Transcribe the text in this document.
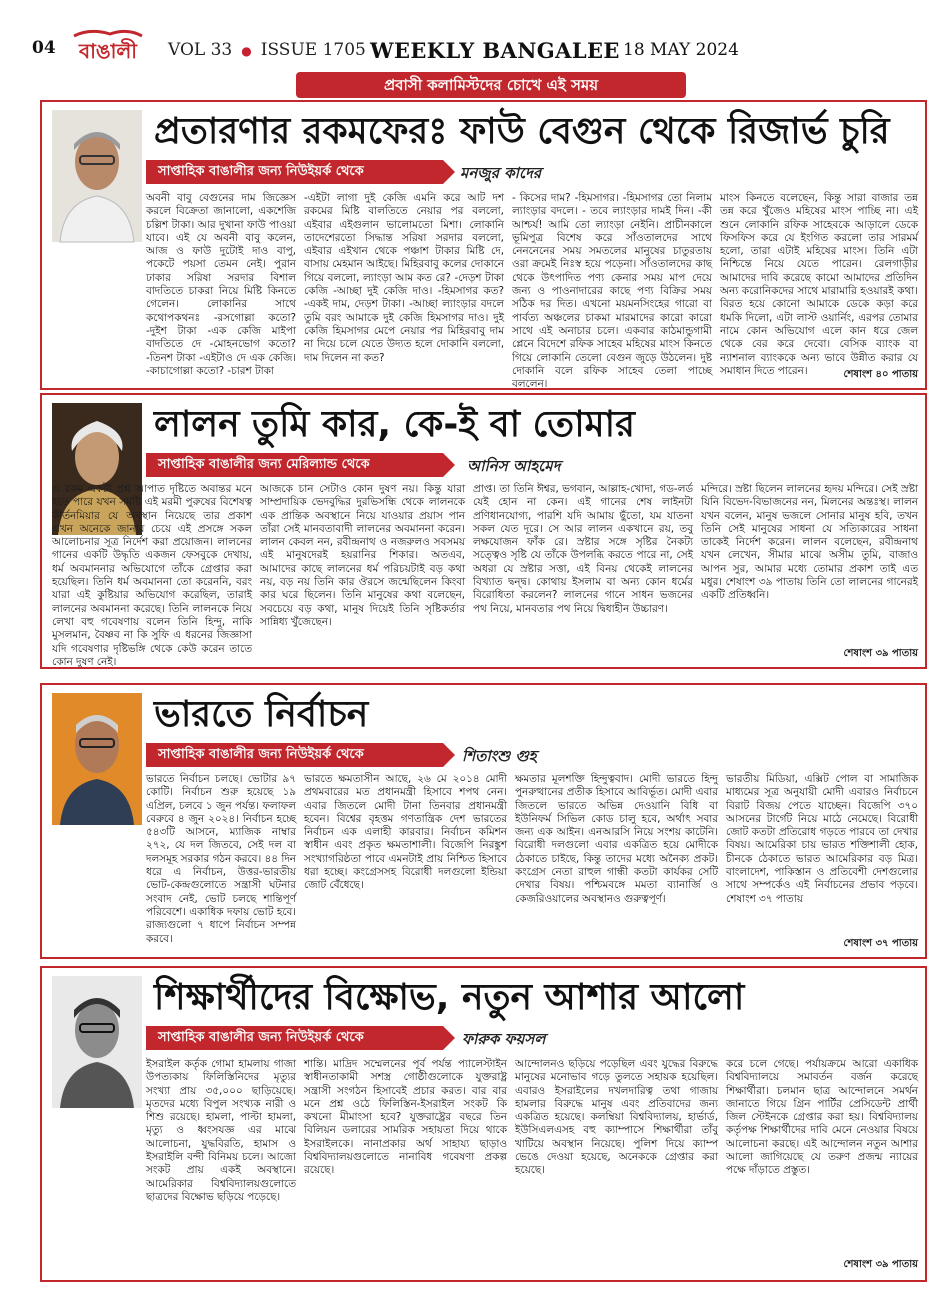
04 বাঙালী VOL 33 ● ISSUE 1705 WEEKLY BANGALEE 18 MAY 2024
প্রবাসী কলামিস্টদের চোখে এই সময়
প্রতারণার রকমফেরঃ ফাউ বেগুন থেকে রিজার্ভ চুরি
সাপ্তাহিক বাঙালীর জন্য নিউইয়র্ক থেকে	মনজুর কাদের
অবনী বাবু বেগুনের দাম জিজ্ঞেস করলে বিক্রেতা জানালো, একশেজি চল্লিশ টাকা। আর দুখানা ফাউ পাওয়া যাবে। এই যে অবনী বাবু কলেন, আজ ও ফাউ দুটোই দাও বাপু, পকেটে পয়সা তেমন নেই। পুরান ঢাকার সরিষা সরদার বিশাল বাদতিতে চাকরা নিয়ে মিষ্টি কিনতে গেলেন। লোকানির সাথে কথোপকথনঃ -রসগোল্লা কতো? -দুইশ টাকা -এক কেজি মাইপা বাদতিতে দে -মোহনভোগ কতো? -তিনশ টাকা -এইটাও দে এক কেজি। -কাচাগোল্লা কতো? -চারশ টাকা
-এইটা লাগা দুই কেজি এমনি করে আট দশ রকমের মিষ্টি বালতিতে নেয়ার পর বললো, এইবার এইগুলান ভালোমতো মিশা। লোকানি তাদেশেরতো সিদ্ধান্ত সরিষা সরদার বললো, এইবার এইখান থেকে পঞ্চাশ টাকার মিষ্টি দে, বাসায় মেহমান আইছে। মিহিরবাবু কলের দোকানে গিয়ে বললো, ল্যাংড়া আম কত রে? -দেড়শ টাকা কেজি -আচ্ছা দুই কেজি দাও। -হিমসাগর কত? -একই দাম, দেড়শ টাকা। -আচ্ছা ল্যাংড়ার বদলে তুমি বরং আমাকে দুই কেজি হিমসাগর দাও। দুই কেজি হিমসাগর মেপে নেয়ার পর মিহিরবাবু দাম না দিয়ে চলে যেতে উদ্যত হলে দোকানি বললো, দাম দিলেন না কত?
- কিসের দাম? -হিমসাগর। -হিমসাগর তো নিলাম ল্যাংড়ার বদলে। - তবে ল্যাংড়ার দামই দিন। -কী আশ্চর্য! আমি তো ল্যাংড়া নেইনি। প্রাচীনকালে ভূমিপুত্র বিশেষ করে সাঁওতালদের সাথে নেননেনের সময় সমতলের মানুষের চাতুরতায় ওরা ক্রমেই নিঃস্ব হয়ে পড়েনা। সাঁওতালদের কাছ থেকে উৎপাদিত পণ্য কেনার সময় মাপ দেয়ে জন্য ও পাওনাদারের কাছে পণ্য বিক্রির সময় সঠিক দর দিত। এখনো ময়মনসিংহের গারো বা পার্বত্য অঞ্চলের চাকমা মারমাদের কারো কারো সাথে এই অনাচার চলে। একবার কাঠমান্ডুগামী প্লেনে বিদেশে রফিক সাহেব মহিষের মাংস কিনতে গিয়ে লোকানি তেলো বেগুন জুড়ে উঠলেন। দুষ্ট দোকানি বলে রফিক সাহেব তেলা পাচ্ছে বললেন।
মাংস কিনতে বলেছেন, কিন্তু সারা বাজার তন্ন তন্ন করে খুঁজেও মহিষের মাংস পাচ্ছি না। এই শুনে লোকানি রফিক সাহেবকে আড়ালে ডেকে ফিসফিস করে যে ইংগিত করলো তার সারমর্ম হলো, তারা এটাই মহিষের মাংস। তিনি এটা নিশ্চিন্তে নিয়ে যেতে পারেন। রেলগাড়ীর আমাদের দাবি করেছে কামো আমাদের প্রতিদিন অন্য করোনিকদের সাথে মারামারি হওয়ারই কথা। বিরত হয়ে কোনো আমাকে ডেকে কড়া করে ধমকি দিলো, এটা লাস্ট ওয়ার্নিং, এরপর তোমার নামে কোন অভিযোগ এলে কান ধরে জেল থেকে বের করে দেবো। বেসিক ব্যাংক বা ন্যাশনাল ব্যাংককে অন্য ভাবে উন্নীত করার যে সমাধান দিতে পারেন।	শেষাংশ ৪০ পাতায়
লালন তুমি কার, কে-ই বা তোমার
সাপ্তাহিক বাঙালীর জন্য মেরিল্যান্ড থেকে	আনিস আহমেদ
এ রকম একটা প্রশ্ন আপাত দৃষ্টিতে অবান্তর মনে হতে পারে যখন সমষ্টি এই মরমী পুরুষের বিশেষত্ব কীর্তনমিয়ার যে অবস্থান নিয়েছে তার প্রকাশ এখন অনেকে জানার চেয়ে এই প্রসঙ্গে সকল আলোচনার সূত্র নির্দেশ করা প্রয়োজন। লালনের গানের একটি উদ্ধৃতি একজন ফেসবুকে দেখায়, ধর্ম অবমাননার অভিযোগে তাঁকে গ্রেপ্তার করা হয়েছিল। তিনি ধর্ম অবমাননা তো করেননি, বরং যারা এই কুষ্টিয়ার অভিযোগ করেছিল, তারাই লালনের অবমাননা করেছে। তিনি লালনকে নিয়ে লেখা বহু গবেষণায় বলেন তিনি হিন্দু, নাকি মুসলমান, বৈষ্ণব না কি সুফি এ ধরনের জিজ্ঞাসা যদি গবেষণার দৃষ্টিভঙ্গি থেকে কেউ করেন তাতে কোন দুষণ নেই।
আজকে চান সেটাও কোন দুষণ নয়। কিন্তু যারা সাম্প্রদায়িক ভেদবুদ্ধির দুরভিসন্ধি থেকে লালনকে এক প্রান্তিক অবস্থানে নিয়ে যাওয়ার প্রয়াস পান তাঁরা সেই মানবতাবাদী লালনের অবমাননা করেন। লালন কেবল নন, রবীন্দ্রনাথ ও নজরুলও সবসময় এই মানুষদেরই হয়রানির শিকার। অতএব, আমাদের কাছে লালনের ধর্ম পরিচয়টাই বড় কথা নয়, বড় নয় তিনি কার ঔরসে জন্মেছিলেন কিংবা কার ঘরে ছিলেন। তিনি মানুষের কথা বলেছেন, সবচেয়ে বড় কথা, মানুষ দিয়েই তিনি সৃষ্টিকর্তার সান্নিধ্য খুঁজেছেন।
প্রাপ্ত। তা তিনি ঈশ্বর, ভগবান, আল্লাহ-খোদা, গড-লর্ড যেই হোন না কেন। এই গানের শেষ লাইনটা প্রণিধানযোগ্য, পারশি যদি আমায় ছুঁতো, যম যাতনা সকল যেত দূরে। সে আর লালন একখানে রয়, তবু লক্ষযোজন ফাঁক রে। স্রষ্টার সঙ্গে সৃষ্টির নৈকট্য সত্ত্বেও সৃষ্টি যে তাঁকে উপলব্ধি করতে পারে না, সেই অধরা যে স্রষ্টার সত্তা, এই বিনয় থেকেই লালনের বিখ্যাত দ্বন্দ্ব। কোথায় ইসলাম বা অন্য কোন ধর্মের বিরোধিতা করলেন? লালনের গানে সাধন ভজনের পথ নিয়ে, মানবতার পথ নিয়ে দ্বিধাহীন উচ্চারণ।
মন্দিরে। স্রষ্টা ছিলেন লালনের হৃদয় মন্দিরে। সেই স্রষ্টা যিনি বিভেদ-বিভাজনের নন, মিলনের অন্তঃস্থ। লালন যখন বলেন, মানুষ ভজলে সোনার মানুষ হবি, তখন তিনি সেই মানুষের সাধনা যে সত্যিকারের সাধনা তাকেই নির্দেশ করেন। লালন বলেছেন, রবীন্দ্রনাথ যখন লেখেন, সীমার মাঝে অসীম তুমি, বাজাও আপন সুর, আমার মধ্যে তোমার প্রকাশ তাই এত মধুর। শেষাংশ ৩৯ পাতায় তিনি তো লালনের গানেরই একটি প্রতিধ্বনি।
শেষাংশ ৩৯ পাতায়
ভারতে নির্বাচন
সাপ্তাহিক বাঙালীর জন্য নিউইয়র্ক থেকে	শিতাংশু গুহ
ভারতে নির্বাচন চলছে। ভোটার ৯৭ কোটি। নির্বাচন শুরু হয়েছে ১৯ এপ্রিল, চলবে ১ জুন পর্যন্ত। ফলাফল বেরুবে ৪ জুন ২০২৪। নির্বাচন হচ্ছে ৫৪৩টি আসনে, ম্যাজিক নাম্বার ২৭২, যে দল জিতবে, সেই দল বা দলসমূহ সরকার গঠন করবে। ৪৪ দিন ধরে এ নির্বাচন, উত্তর-ভারতীয় ভোট-কেন্দ্রগুলোতে সন্ত্রাসী ঘটনার সংবাদ নেই, ভোট চলছে শান্তিপূর্ণ পরিবেশে। একাধিক দফায় ভোট হবে। রাজ্যগুলো ৭ ধাপে নির্বাচন সম্পন্ন করবে।
ভারতে ক্ষমতাসীন আছে, ২৬ মে ২০১৪ মোদী প্রথমবারের মত প্রধানমন্ত্রী হিসাবে শপথ নেন। এবার জিতলে মোদী টানা তিনবার প্রধানমন্ত্রী হবেন। বিশ্বের বৃহত্তম গণতান্ত্রিক দেশ ভারতের নির্বাচন এক এলাহী কারবার। নির্বাচন কমিশন স্বাধীন এবং প্রকৃত ক্ষমতাশালী। বিজেপি নিরঙ্কুশ সংখ্যাগরিষ্ঠতা পাবে এমনটাই প্রায় নিশ্চিত হিসাবে ধরা হচ্ছে। কংগ্রেসসহ বিরোধী দলগুলো ইন্ডিয়া জোট বেঁধেছে।
ক্ষমতার মূলশক্তি হিন্দুত্ববাদ। মোদী ভারতে হিন্দু পুনরুত্থানের প্রতীক হিসাবে আবির্ভূত। মোদী এবার জিতলে ভারতে অভিন্ন দেওয়ানি বিধি বা ইউনিফর্ম সিভিল কোড চালু হবে, অর্থাৎ সবার জন্য এক আইন। এনআরসি নিয়ে সংশয় কাটেনি। বিরোধী দলগুলো এবার একত্রিত হয়ে মোদীকে ঠেকাতে চাইছে, কিন্তু তাদের মধ্যে অনৈক্য প্রকট। কংগ্রেস নেতা রাহুল গান্ধী কতটা কার্যকর সেটি দেখার বিষয়। পশ্চিমবঙ্গে মমতা ব্যানার্জি ও কেজরিওয়ালের অবস্থানও গুরুত্বপূর্ণ।
ভারতীয় মিডিয়া, এক্সিট পোল বা সামাজিক মাধ্যমের সূত্র অনুযায়ী মোদী এবারও নির্বাচনে বিরাট বিজয় পেতে যাচ্ছেন। বিজেপি ৩৭০ আসনের টার্গেট নিয়ে মাঠে নেমেছে। বিরোধী জোট কতটা প্রতিরোধ গড়তে পারবে তা দেখার বিষয়। আমেরিকা চায় ভারত শক্তিশালী হোক, চীনকে ঠেকাতে ভারত আমেরিকার বড় মিত্র। বাংলাদেশ, পাকিস্তান ও প্রতিবেশী দেশগুলোর সাথে সম্পর্কেও এই নির্বাচনের প্রভাব পড়বে। শেষাংশ ৩৭ পাতায়
শেষাংশ ৩৭ পাতায়
শিক্ষার্থীদের বিক্ষোভ, নতুন আশার আলো
সাপ্তাহিক বাঙালীর জন্য নিউইয়র্ক থেকে	ফারুক ফয়সল
ইসরাইল কর্তৃক গোমা হামলায় গাজা উপত্যকায় ফিলিস্তিনিদের মৃত্যুর সংখ্যা প্রায় ৩৫,০০০ ছাড়িয়েছে। মৃতদের মধ্যে বিপুল সংখ্যক নারী ও শিশু রয়েছে। হামলা, পাল্টা হামলা, মৃত্যু ও ধ্বংসযজ্ঞ এর মাঝে আলোচনা, যুদ্ধবিরতি, হামাস ও ইসরাইলি বন্দী বিনিময় চলে। আজো সংকট প্রায় একই অবস্থানে। আমেরিকার বিশ্ববিদ্যালয়গুলোতে ছাত্রদের বিক্ষোভ ছড়িয়ে পড়েছে।
শান্তি। মাদ্রিদ সম্মেলনের পূর্ব পর্যন্ত প্যালেস্টাইন স্বাধীনতাকামী সশস্ত্র গোষ্ঠীগুলোকে যুক্তরাষ্ট্র সন্ত্রাসী সংগঠন হিসাবেই প্রচার করত। বার বার মনে প্রশ্ন ওঠে ফিলিস্তিন-ইসরাইল সংকট কি কখনো মীমাংসা হবে? যুক্তরাষ্ট্রের বছরে তিন বিলিয়ন ডলারের সামরিক সহায়তা দিয়ে থাকে ইসরাইলকে। নানাপ্রকার অর্থ সাহায্য ছাড়াও বিশ্ববিদ্যালয়গুলোতে নানাবিধ গবেষণা প্রকল্প রয়েছে।
আন্দোলনও ছড়িয়ে পড়েছিল এবং যুদ্ধের বিরুদ্ধে মানুষের মনোভাব গড়ে তুলতে সহায়ক হয়েছিল। এবারও ইসরাইলের দখলদারিত্ব তথা গাজায় হামলার বিরুদ্ধে মানুষ এবং প্রতিবাদের জন্য একত্রিত হয়েছে। কলম্বিয়া বিশ্ববিদ্যালয়, হার্ভার্ড, ইউসিএলএসহ বহু ক্যাম্পাসে শিক্ষার্থীরা তাঁবু খাটিয়ে অবস্থান নিয়েছে। পুলিশ দিয়ে ক্যাম্প ভেঙে দেওয়া হয়েছে, অনেককে গ্রেপ্তার করা হয়েছে।
করে চলে গেছে। পর্যায়ক্রমে আরো একাধিক বিশ্ববিদ্যালয়ে সমাবর্তন বর্জন করেছে শিক্ষার্থীরা। চলমান ছাত্র আন্দোলনে সমর্থন জানাতে গিয়ে গ্রিন পার্টির প্রেসিডেন্ট প্রার্থী জিল স্টেইনকে গ্রেপ্তার করা হয়। বিশ্ববিদ্যালয় কর্তৃপক্ষ শিক্ষার্থীদের দাবি মেনে নেওয়ার বিষয়ে আলোচনা করছে। এই আন্দোলন নতুন আশার আলো জাগিয়েছে যে তরুণ প্রজন্ম ন্যায়ের পক্ষে দাঁড়াতে প্রস্তুত।
শেষাংশ ৩৯ পাতায়
